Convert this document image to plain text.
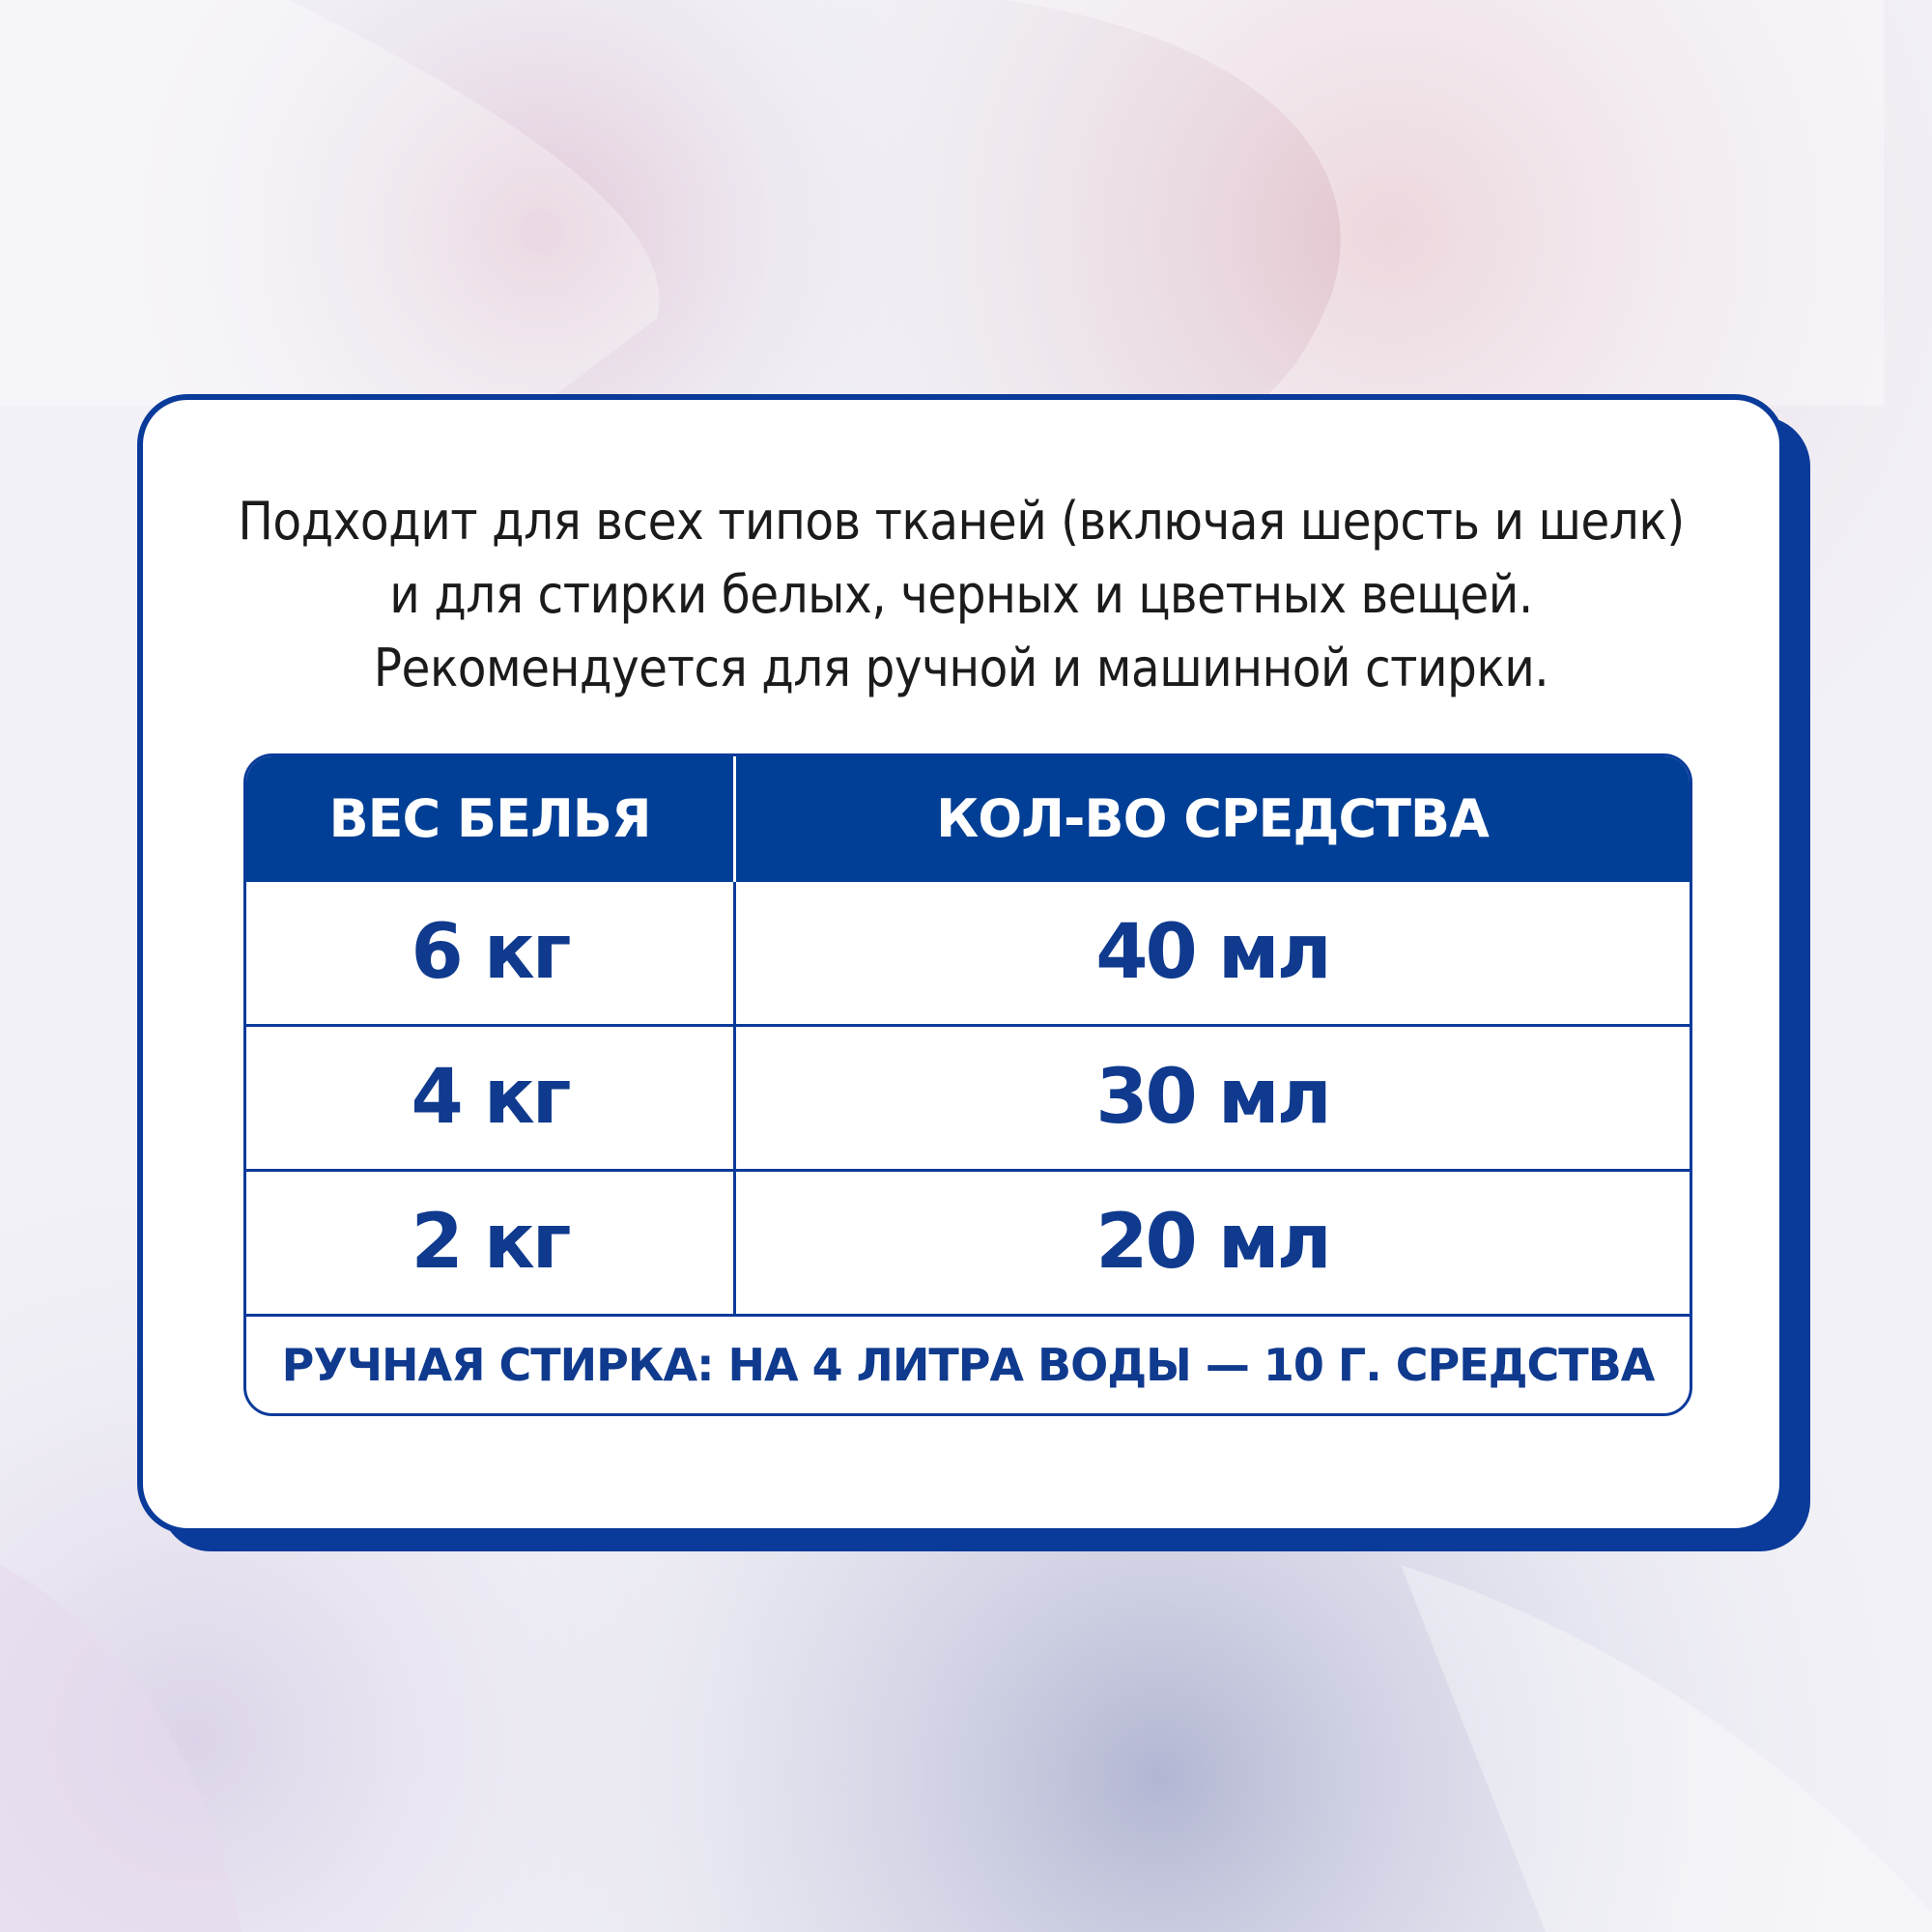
Подходит для всех типов тканей (включая шерсть и шелк)
и для стирки белых, черных и цветных вещей.
Рекомендуется для ручной и машинной стирки.
ВЕС БЕЛЬЯ	КОЛ-ВО СРЕДСТВА
6 кг	40 мл
4 кг	30 мл
2 кг	20 мл
РУЧНАЯ СТИРКА: НА 4 ЛИТРА ВОДЫ — 10 Г. СРЕДСТВА
